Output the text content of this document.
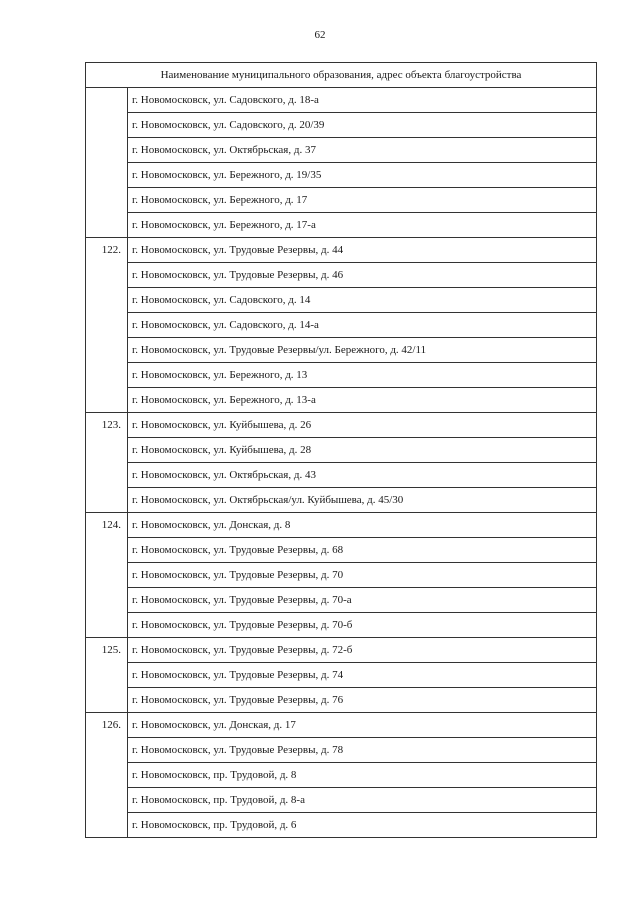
62
Наименование муниципального образования, адрес объекта благоустройства	
	г. Новомосковск, ул. Садовского, д. 18-а
	г. Новомосковск, ул. Садовского, д. 20/39
	г. Новомосковск, ул. Октябрьская, д. 37
	г. Новомосковск, ул. Бережного, д. 19/35
	г. Новомосковск, ул. Бережного, д. 17
	г. Новомосковск, ул. Бережного, д. 17-а
122.	г. Новомосковск, ул. Трудовые Резервы, д. 44
	г. Новомосковск, ул. Трудовые Резервы, д. 46
	г. Новомосковск, ул. Садовского, д. 14
	г. Новомосковск, ул. Садовского, д. 14-а
	г. Новомосковск, ул. Трудовые Резервы/ул. Бережного, д. 42/11
	г. Новомосковск, ул. Бережного, д. 13
	г. Новомосковск, ул. Бережного, д. 13-а
123.	г. Новомосковск, ул. Куйбышева, д. 26
	г. Новомосковск, ул. Куйбышева, д. 28
	г. Новомосковск, ул. Октябрьская, д. 43
	г. Новомосковск, ул. Октябрьская/ул. Куйбышева, д. 45/30
124.	г. Новомосковск, ул. Донская, д. 8
	г. Новомосковск, ул. Трудовые Резервы, д. 68
	г. Новомосковск, ул. Трудовые Резервы, д. 70
	г. Новомосковск, ул. Трудовые Резервы, д. 70-а
	г. Новомосковск, ул. Трудовые Резервы, д. 70-б
125.	г. Новомосковск, ул. Трудовые Резервы, д. 72-б
	г. Новомосковск, ул. Трудовые Резервы, д. 74
	г. Новомосковск, ул. Трудовые Резервы, д. 76
126.	г. Новомосковск, ул. Донская, д. 17
	г. Новомосковск, ул. Трудовые Резервы, д. 78
	г. Новомосковск, пр. Трудовой, д. 8
	г. Новомосковск, пр. Трудовой, д. 8-а
	г. Новомосковск, пр. Трудовой, д. 6
